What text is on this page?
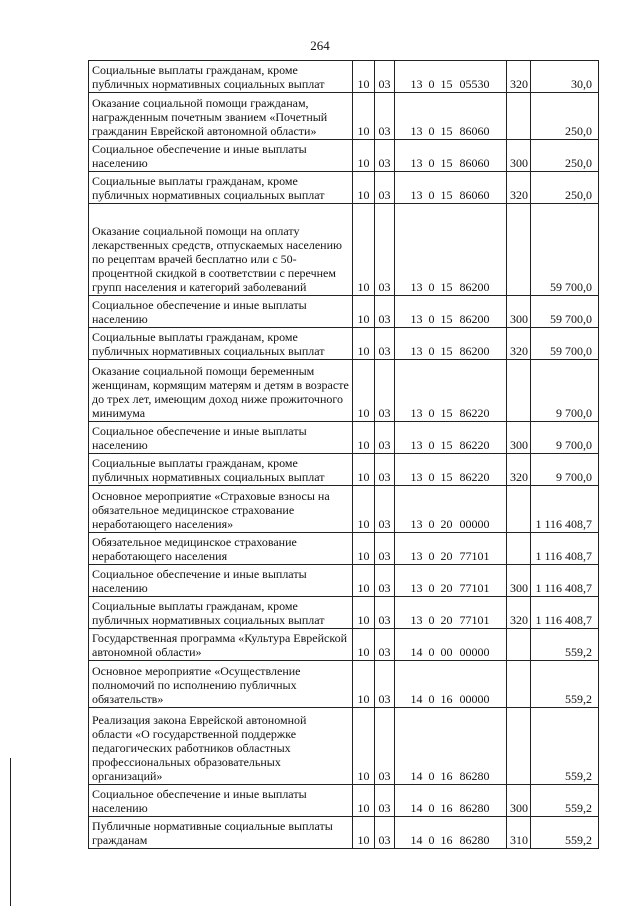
264
Социальные выплаты гражданам, кроме публичных нормативных социальных выплат	10	03	13 0 15 05530	320	30,0
Оказание социальной помощи гражданам, награжденным почетным званием «Почетный гражданин Еврейской автономной области»	10	03	13 0 15 86060		250,0
Социальное обеспечение и иные выплаты населению	10	03	13 0 15 86060	300	250,0
Социальные выплаты гражданам, кроме публичных нормативных социальных выплат	10	03	13 0 15 86060	320	250,0
Оказание социальной помощи на оплату лекарственных средств, отпускаемых населению по рецептам врачей бесплатно или с 50-процентной скидкой в соответствии с перечнем групп населения и категорий заболеваний	10	03	13 0 15 86200		59 700,0
Социальное обеспечение и иные выплаты населению	10	03	13 0 15 86200	300	59 700,0
Социальные выплаты гражданам, кроме публичных нормативных социальных выплат	10	03	13 0 15 86200	320	59 700,0
Оказание социальной помощи беременным женщинам, кормящим матерям и детям в возрасте до трех лет, имеющим доход ниже прожиточного минимума	10	03	13 0 15 86220		9 700,0
Социальное обеспечение и иные выплаты населению	10	03	13 0 15 86220	300	9 700,0
Социальные выплаты гражданам, кроме публичных нормативных социальных выплат	10	03	13 0 15 86220	320	9 700,0
Основное мероприятие «Страховые взносы на обязательное медицинское страхование неработающего населения»	10	03	13 0 20 00000		1 116 408,7
Обязательное медицинское страхование неработающего населения	10	03	13 0 20 77101		1 116 408,7
Социальное обеспечение и иные выплаты населению	10	03	13 0 20 77101	300	1 116 408,7
Социальные выплаты гражданам, кроме публичных нормативных социальных выплат	10	03	13 0 20 77101	320	1 116 408,7
Государственная программа «Культура Еврейской автономной области»	10	03	14 0 00 00000		559,2
Основное мероприятие «Осуществление полномочий по исполнению публичных обязательств»	10	03	14 0 16 00000		559,2
Реализация закона Еврейской автономной области «О государственной поддержке педагогических работников областных профессиональных образовательных организаций»	10	03	14 0 16 86280		559,2
Социальное обеспечение и иные выплаты населению	10	03	14 0 16 86280	300	559,2
Публичные нормативные социальные выплаты гражданам	10	03	14 0 16 86280	310	559,2
